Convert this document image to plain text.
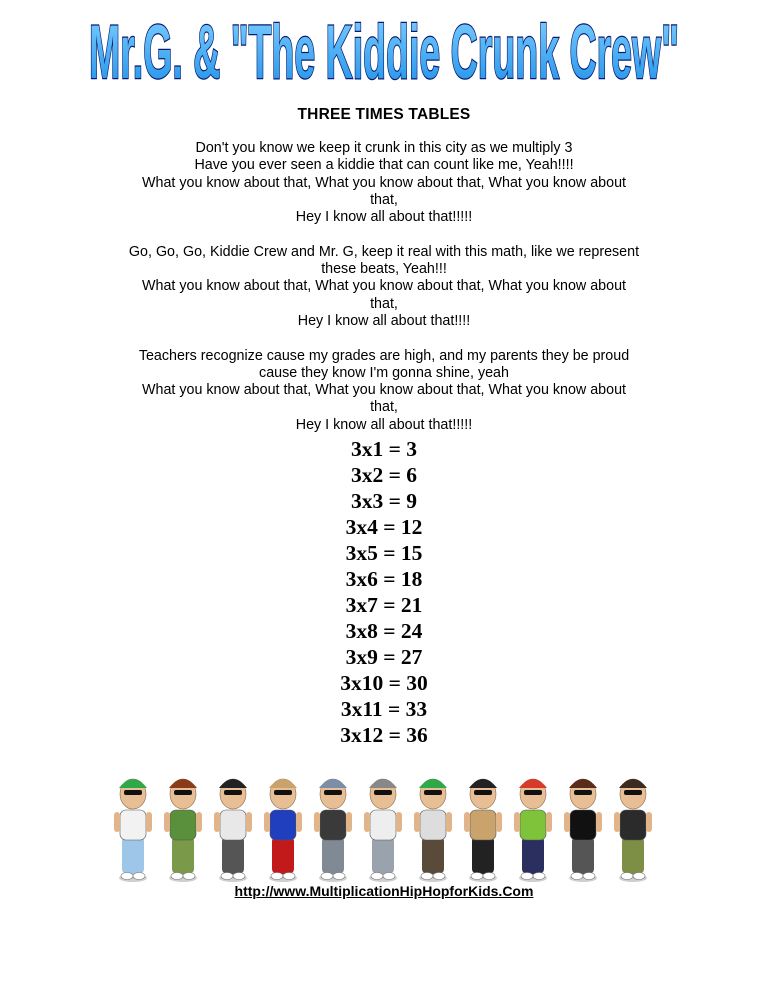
Mr.G. & "The Kiddie Crunk Crew"
THREE TIMES TABLES
Don't you know we keep it crunk in this city as we multiply 3
Have you ever seen a kiddie that can count like me, Yeah!!!!
What you know about that, What you know about that, What you know about
that,
Hey I know all about that!!!!!
Go, Go, Go, Kiddie Crew and Mr. G, keep it real with this math, like we represent
these beats, Yeah!!!
What you know about that, What you know about that, What you know about
that,
Hey I know all about that!!!!
Teachers recognize cause my grades are high, and my parents they be proud
cause they know I'm gonna shine, yeah
What you know about that, What you know about that, What you know about
that,
Hey I know all about that!!!!!
3x1 = 3
3x2 = 6
3x3 = 9
3x4 = 12
3x5 = 15
3x6 = 18
3x7 = 21
3x8 = 24
3x9 = 27
3x10 = 30
3x11 = 33
3x12 = 36
http://www.MultiplicationHipHopforKids.Com
